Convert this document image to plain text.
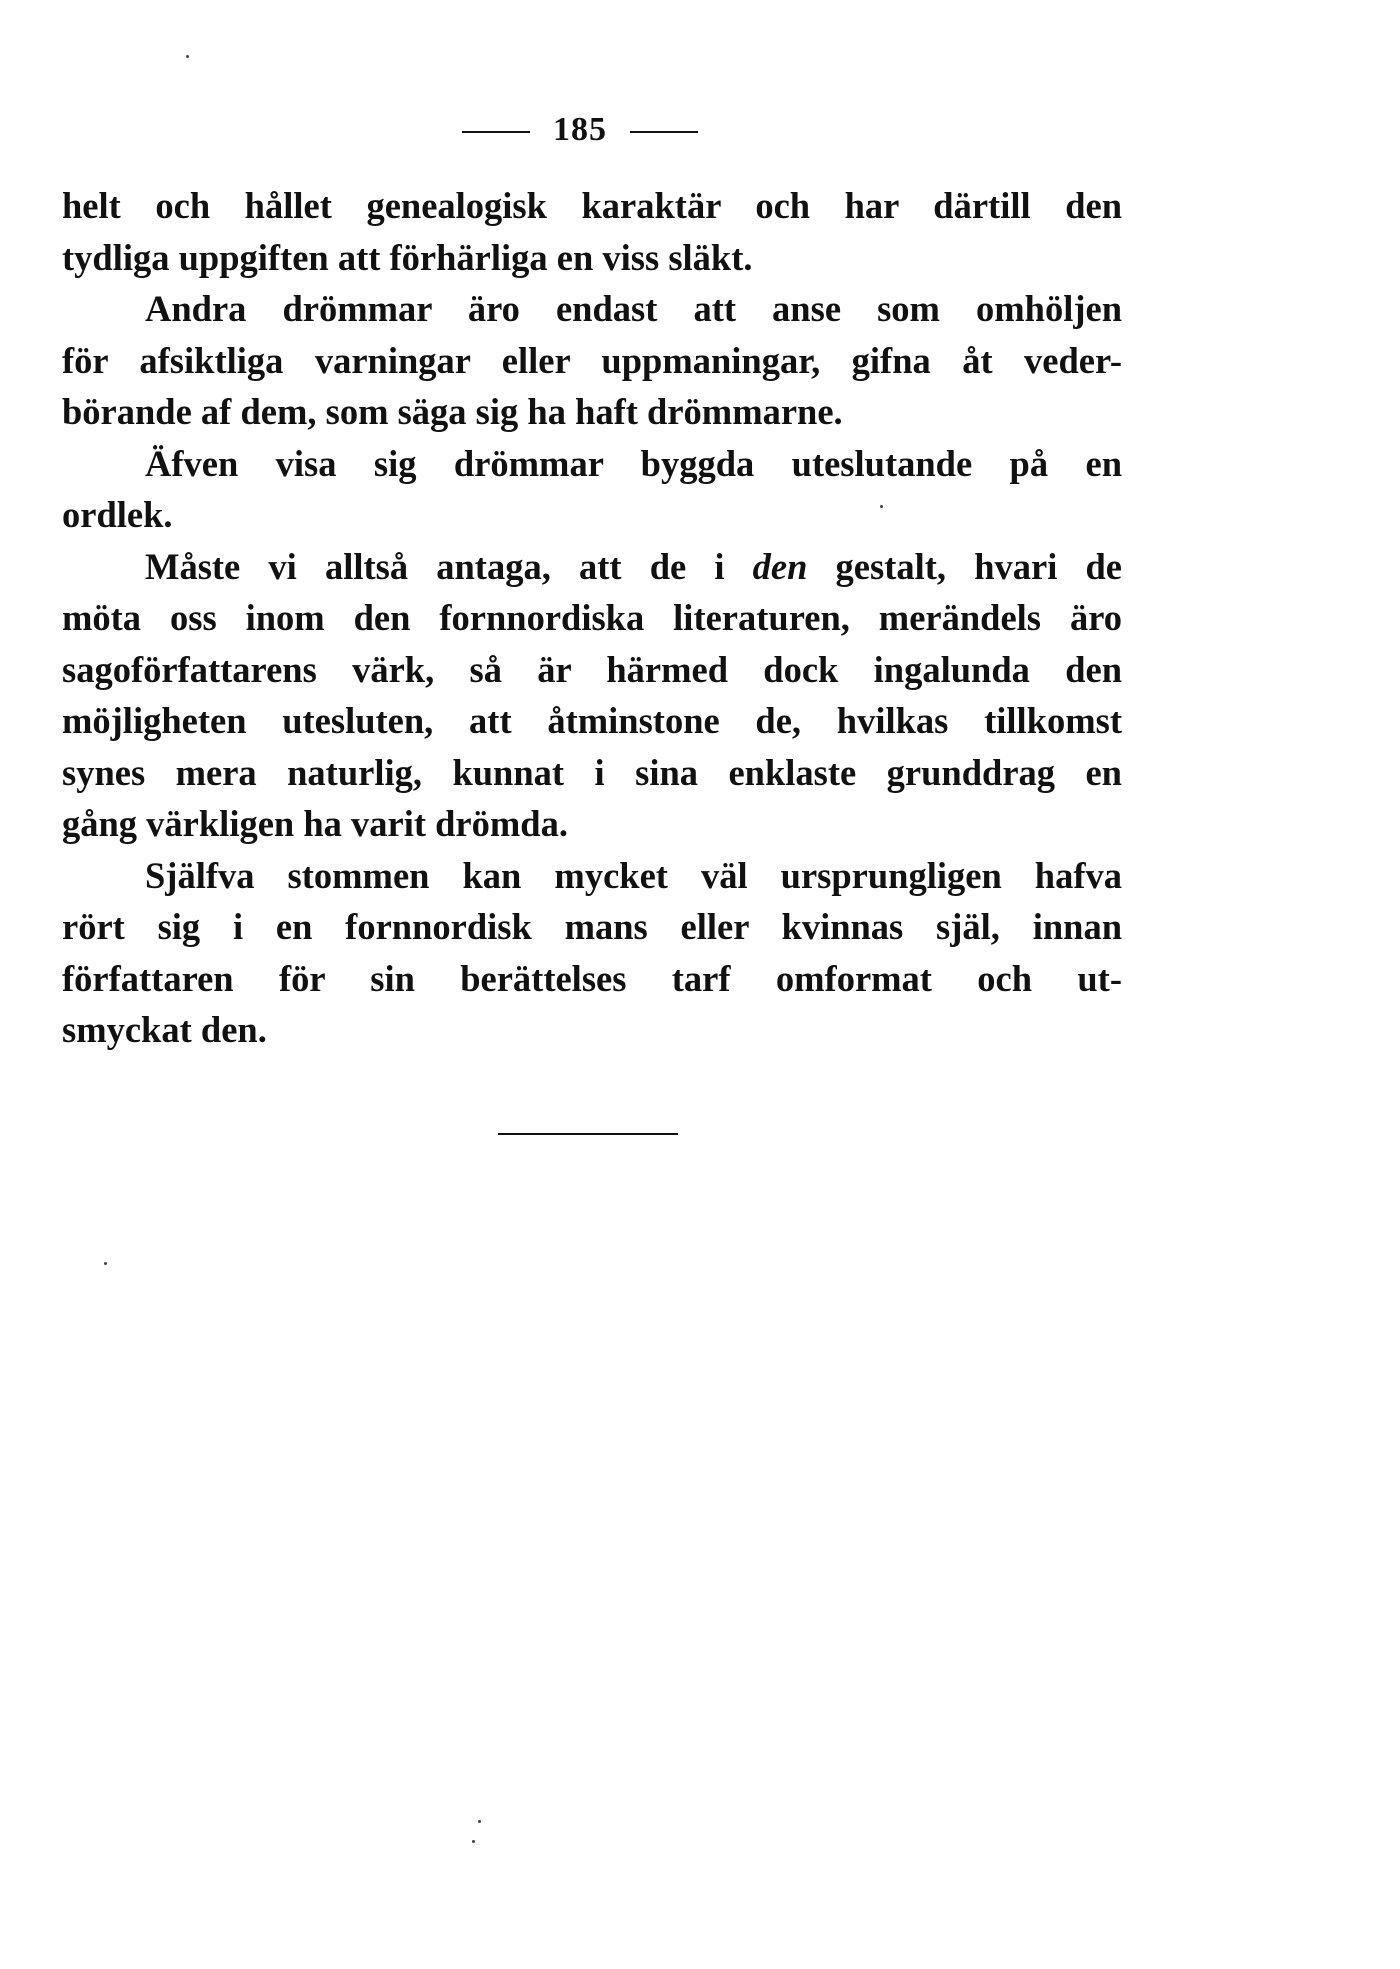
185
helt och hållet genealogisk karaktär och har därtill den
tydliga uppgiften att förhärliga en viss släkt.
Andra drömmar äro endast att anse som omhöljen
för afsiktliga varningar eller uppmaningar, gifna åt veder-
börande af dem, som säga sig ha haft drömmarne.
Äfven visa sig drömmar byggda uteslutande på en
ordlek.
Måste vi alltså antaga, att de i den gestalt, hvari de
möta oss inom den fornnordiska literaturen, merändels äro
sagoförfattarens värk, så är härmed dock ingalunda den
möjligheten utesluten, att åtminstone de, hvilkas tillkomst
synes mera naturlig, kunnat i sina enklaste grunddrag en
gång värkligen ha varit drömda.
Själfva stommen kan mycket väl ursprungligen hafva
rört sig i en fornnordisk mans eller kvinnas själ, innan
författaren för sin berättelses tarf omformat och ut-
smyckat den.
